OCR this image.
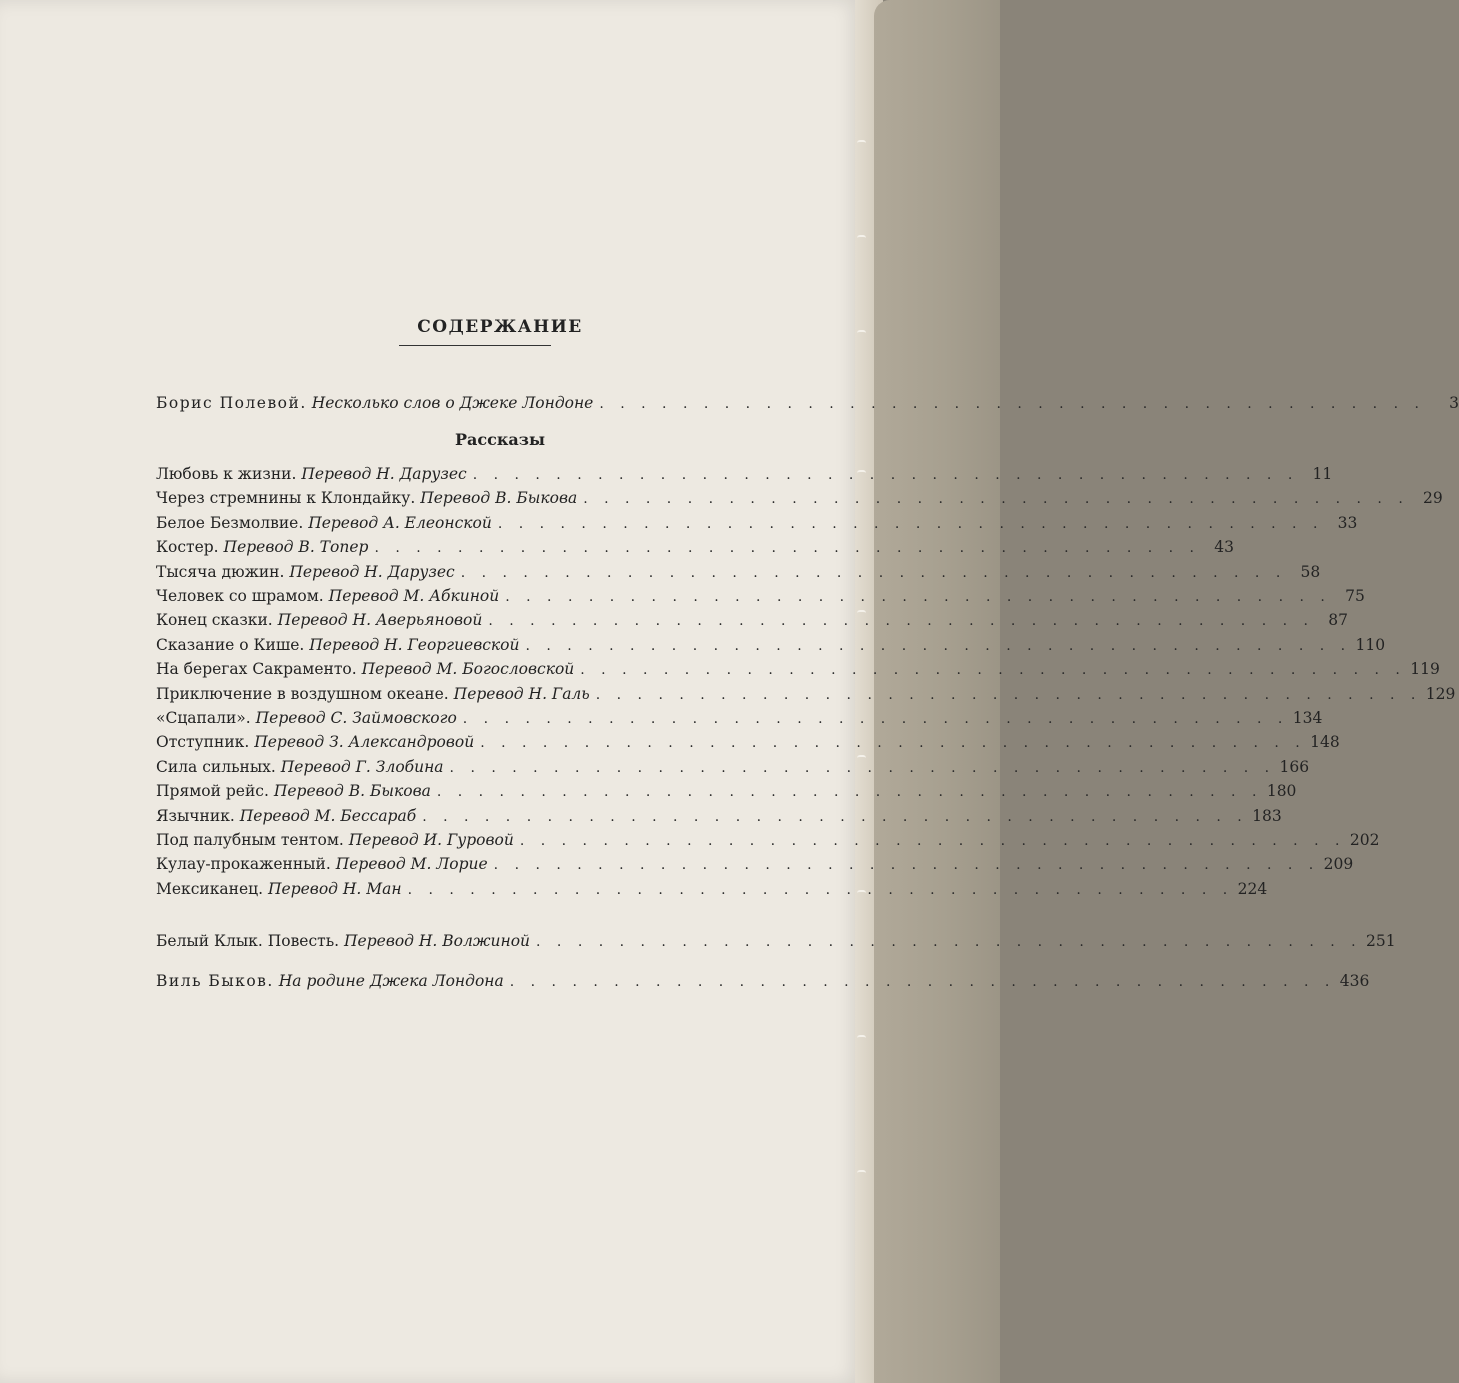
СОДЕРЖАНИЕ
Борис Полевой. Несколько слов о Джеке Лондоне . . . . . . . . . . . . . . . . . . . . . . . . . . . . . . . . . . . . . . . .	3
Рассказы
Любовь к жизни. Перевод Н. Дарузес . . . . . . . . . . . . . . . . . . . . . . . . . . . . . . . . . . . . . . . . 11
Через стремнины к Клондайку. Перевод В. Быкова . . . . . . . . . . . . . . . . . . . . . . . . . . . . . . . . . . . . . . . . 29
Белое Безмолвие. Перевод А. Елеонской . . . . . . . . . . . . . . . . . . . . . . . . . . . . . . . . . . . . . . . . 33
Костер. Перевод В. Топер . . . . . . . . . . . . . . . . . . . . . . . . . . . . . . . . . . . . . . . . 43
Тысяча дюжин. Перевод Н. Дарузес . . . . . . . . . . . . . . . . . . . . . . . . . . . . . . . . . . . . . . . . 58
Человек со шрамом. Перевод М. Абкиной . . . . . . . . . . . . . . . . . . . . . . . . . . . . . . . . . . . . . . . . 75
Конец сказки. Перевод Н. Аверьяновой . . . . . . . . . . . . . . . . . . . . . . . . . . . . . . . . . . . . . . . . 87
Сказание о Кише. Перевод Н. Георгиевской . . . . . . . . . . . . . . . . . . . . . . . . . . . . . . . . . . . . . . . . 110
На берегах Сакраменто. Перевод М. Богословской . . . . . . . . . . . . . . . . . . . . . . . . . . . . . . . . . . . . . . . . 119
Приключение в воздушном океане. Перевод Н. Галь . . . . . . . . . . . . . . . . . . . . . . . . . . . . . . . . . . . . . . . . 129
«Сцапали». Перевод С. Займовского . . . . . . . . . . . . . . . . . . . . . . . . . . . . . . . . . . . . . . . . 134
Отступник. Перевод З. Александровой . . . . . . . . . . . . . . . . . . . . . . . . . . . . . . . . . . . . . . . . 148
Сила сильных. Перевод Г. Злобина . . . . . . . . . . . . . . . . . . . . . . . . . . . . . . . . . . . . . . . . 166
Прямой рейс. Перевод В. Быкова . . . . . . . . . . . . . . . . . . . . . . . . . . . . . . . . . . . . . . . . 180
Язычник. Перевод М. Бессараб . . . . . . . . . . . . . . . . . . . . . . . . . . . . . . . . . . . . . . . . 183
Под палубным тентом. Перевод И. Гуровой . . . . . . . . . . . . . . . . . . . . . . . . . . . . . . . . . . . . . . . . 202
Кулау-прокаженный. Перевод М. Лорие . . . . . . . . . . . . . . . . . . . . . . . . . . . . . . . . . . . . . . . . 209
Мексиканец. Перевод Н. Ман . . . . . . . . . . . . . . . . . . . . . . . . . . . . . . . . . . . . . . . . 224
Белый Клык. Повесть. Перевод Н. Волжиной . . . . . . . . . . . . . . . . . . . . . . . . . . . . . . . . . . . . . . . . 251
Виль Быков. На родине Джека Лондона . . . . . . . . . . . . . . . . . . . . . . . . . . . . . . . . . . . . . . . . 436
